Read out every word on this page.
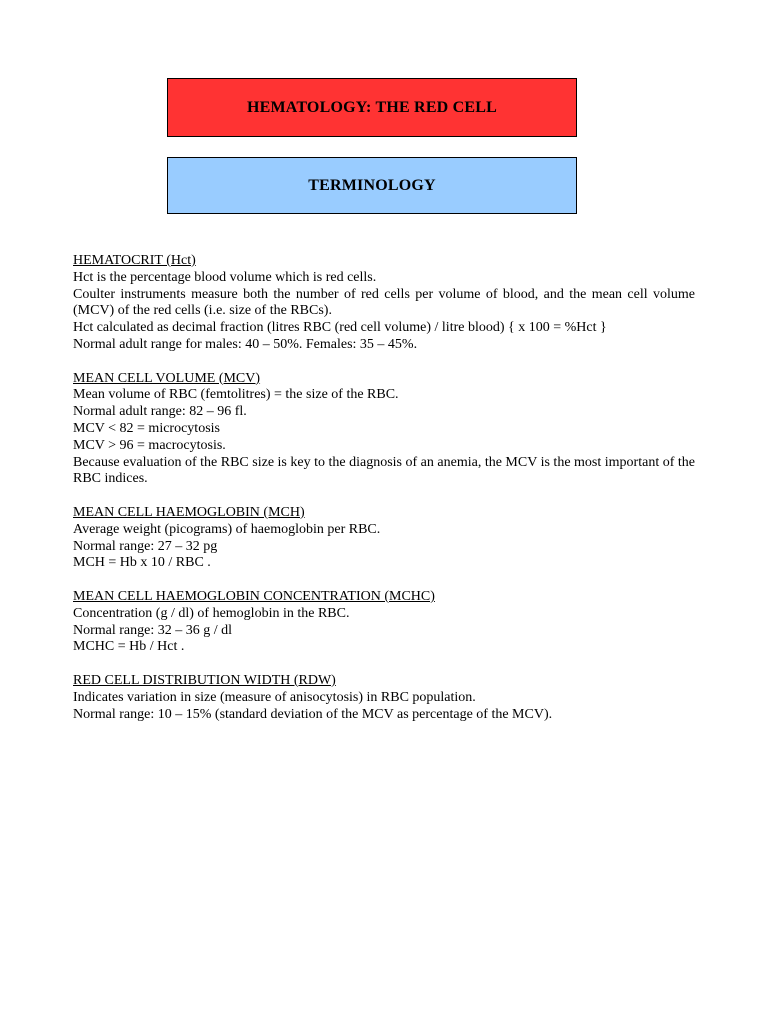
HEMATOLOGY: THE RED CELL
TERMINOLOGY
HEMATOCRIT (Hct)
Hct is the percentage blood volume which is red cells.
Coulter instruments measure both the number of red cells per volume of blood, and the mean cell volume (MCV) of the red cells (i.e. size of the RBCs).
Hct calculated as decimal fraction (litres RBC (red cell volume) / litre blood) { x 100 = %Hct }
Normal adult range for males: 40 – 50%. Females: 35 – 45%.
MEAN CELL VOLUME (MCV)
Mean volume of RBC (femtolitres) = the size of the RBC.
Normal adult range: 82 – 96 fl.
MCV < 82 = microcytosis
MCV > 96 = macrocytosis.
Because evaluation of the RBC size is key to the diagnosis of an anemia, the MCV is the most important of the RBC indices.
MEAN CELL HAEMOGLOBIN (MCH)
Average weight (picograms) of haemoglobin per RBC.
Normal range: 27 – 32 pg
MCH = Hb x 10 / RBC .
MEAN CELL HAEMOGLOBIN CONCENTRATION (MCHC)
Concentration (g / dl) of hemoglobin in the RBC.
Normal range: 32 – 36 g / dl
MCHC = Hb / Hct .
RED CELL DISTRIBUTION WIDTH (RDW)
Indicates variation in size (measure of anisocytosis) in RBC population.
Normal range: 10 – 15% (standard deviation of the MCV as percentage of the MCV).
